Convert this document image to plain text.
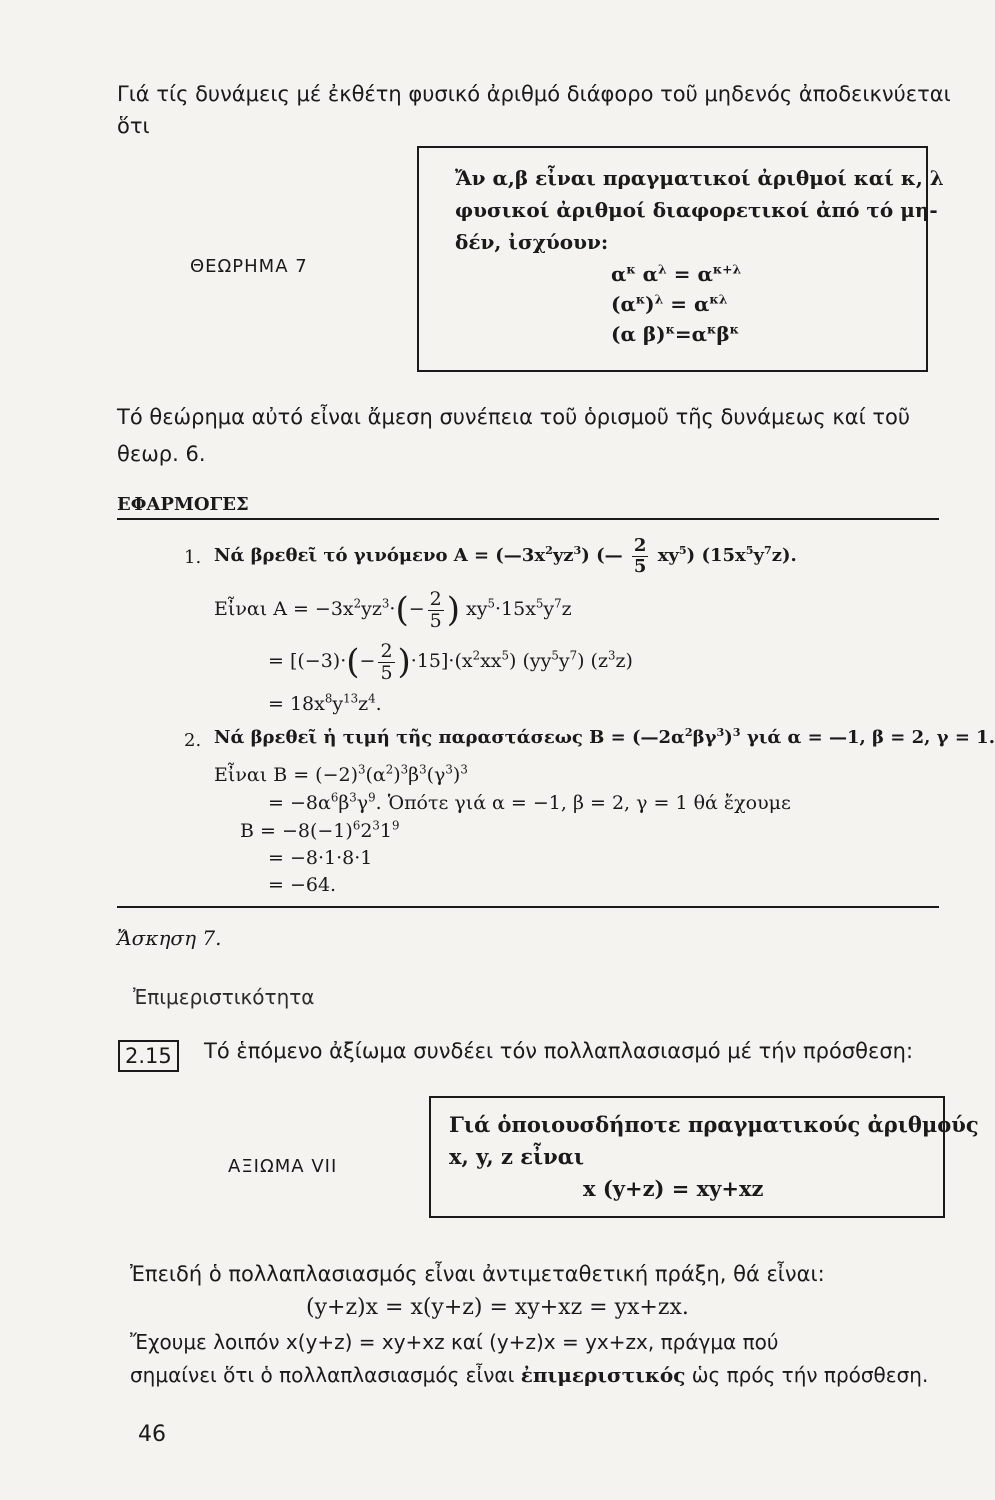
Γιά τίς δυνάμεις μέ ἐκθέτη φυσικό ἀριθμό διάφορο τοῦ μηδενός ἀποδεικνύεται
ὅτι
ΘΕΩΡΗΜΑ 7
Ἄν α,β εἶναι πραγματικοί ἀριθμοί καί κ, λ
φυσικοί ἀριθμοί διαφορετικοί ἀπό τό μη-
δέν, ἰσχύουν:
$\alpha^\kappa$ $\alpha^\lambda = \alpha^{\kappa+\lambda}$
$(\alpha^\kappa)^\lambda = \alpha^{\kappa\lambda}$
(α $\beta)^\kappa=\alpha^\kappa\beta^\kappa$
Τό θεώρημα αὐτό εἶναι ἄμεση συνέπεια τοῦ ὁρισμοῦ τῆς δυνάμεως καί τοῦ
θεωρ. 6.
ΕΦΑΡΜΟΓΕΣ
1. Νά βρεθεῖ τό γινόμενο $A = (—3x^2yz^3)$ (— $\frac{2}{5} xy^5$) $(15x^5y^7z)$.
Εἶναι $A = -3x^2yz^3\cdot(- \frac{2}{5}$ ) $xy^5\cdot 15x^5y^7z$
= $[(-3)\cdot(- \frac{2}{5} )\cdot 15]\cdot(x^2xx^5)$ $(yy^5y^7)$ $(z^3z)$
= $18x^8y^{13}z^4$.
2. Νά βρεθεῖ ἡ τιμή τῆς παραστάσεως $B = (—2\alpha^2\beta\gamma^3)^3$ γιά α = —1, β = 2, γ = 1.
Εἶναι $B = (-2)^3(\alpha^2)^3\beta^3(\gamma^3)^3$
= $-8\alpha^6\beta^3\gamma^9$. Ὁπότε γιά α = −1, β = 2, γ = 1 θά ἔχουμε
$B = -8(-1)^62^31^9$
= −8·1·8·1
= −64.
Ἄσκηση 7.
Ἐπιμεριστικότητα
2.15	Τό ἑπόμενο ἀξίωμα συνδέει τόν πολλαπλασιασμό μέ τήν πρόσθεση:
ΑΞΙΩΜΑ VII
Γιά ὁποιουσδήποτε πραγματικούς ἀριθμούς
x, y, z εἶναι
x (y+z) = xy+xz
Ἐπειδή ὁ πολλαπλασιασμός εἶναι ἀντιμεταθετική πράξη, θά εἶναι:
(y+z)x = x(y+z) = xy+xz = yx+zx.
Ἔχουμε λοιπόν x(y+z) = xy+xz καί (y+z)x = yx+zx, πράγμα πού
σημαίνει ὅτι ὁ πολλαπλασιασμός εἶναι ἐπιμεριστικός ὡς πρός τήν πρόσθεση.
46
